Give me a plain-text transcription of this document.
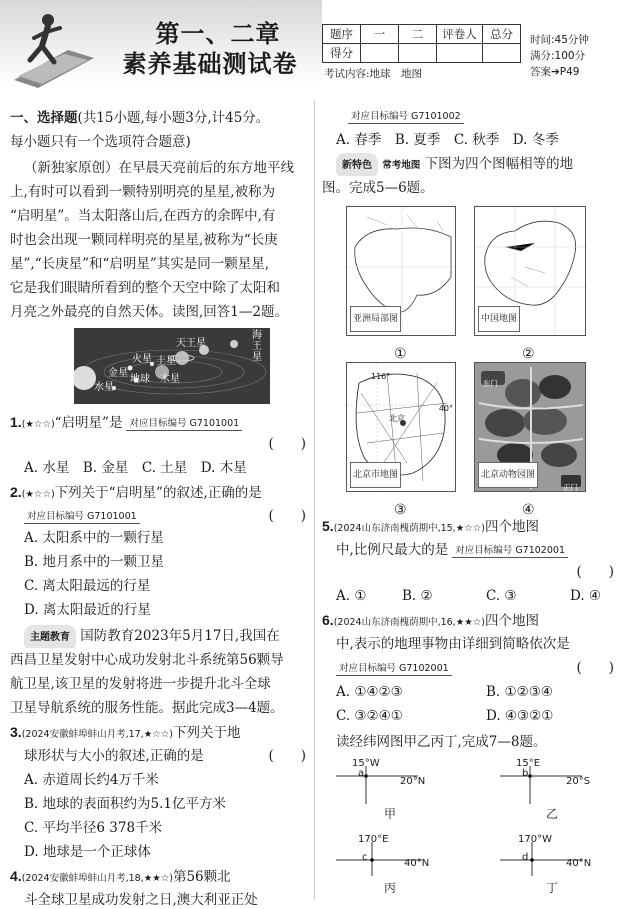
第一、二章
素养基础测试卷
题序	一	二	评卷人	总分
得分				
时间:45分钟
满分:100分
答案➔P49
考试内容:地球　地图
一、选择题(共15小题,每小题3分,计45分。
每小题只有一个选项符合题意)
（新独家原创）在早晨天亮前后的东方地平线
上,有时可以看到一颗特别明亮的星星,被称为
“启明星”。当太阳落山后,在西方的余晖中,有
时也会出现一颗同样明亮的星星,被称为“长庚
星”,“长庚星”和“启明星”其实是同一颗星星,
它是我们眼睛所看到的整个天空中除了太阳和
月亮之外最亮的自然天体。读图,回答1—2题。
天王星
海王星
火星 土星
金星
地球 木星
水星
1.(★☆☆)“启明星”是 对应目标编号 G7101001
(　　)
A. 水星　B. 金星　C. 土星　D. 木星
2.(★☆☆)下列关于“启明星”的叙述,正确的是
对应目标编号 G7101001	(　　)
A. 太阳系中的一颗行星
B. 地月系中的一颗卫星
C. 离太阳最远的行星
D. 离太阳最近的行星
主题教育 国防教育2023年5月17日,我国在
西昌卫星发射中心成功发射北斗系统第56颗导
航卫星,该卫星的发射将进一步提升北斗全球
卫星导航系统的服务性能。据此完成3—4题。
3.(2024安徽蚌埠蚌山月考,17,★☆☆)下列关于地
球形状与大小的叙述,正确的是	(　　)
A. 赤道周长约4万千米
B. 地球的表面积约为5.1亿平方米
C. 平均半径6 378千米
D. 地球是一个正球体
4.(2024安徽蚌埠蚌山月考,18,★★☆)第56颗北
斗全球卫星成功发射之日,澳大利亚正处
对应目标编号 G7101002
A. 春季　B. 夏季　C. 秋季　D. 冬季
新特色 常考地图 下图为四个图幅相等的地
图。完成5—6题。
亚洲局部图
①
中国地图
②
116°
40°
北京
北京市地图
③
东门
正门
北京动物园图
④
5.(2024山东济南槐荫期中,15,★☆☆)四个地图
中,比例尺最大的是 对应目标编号 G7102001
(　　)
A. ①	B. ②	C. ③	D. ④
6.(2024山东济南槐荫期中,16,★★☆)四个地图
中,表示的地理事物由详细到简略依次是
对应目标编号 G7102001	(　　)
A. ①④②③	B. ①②③④
C. ③②④①	D. ④③②①
读经纬网图甲乙丙丁,完成7—8题。
15°W
20°N
a
甲
15°E
20°S
b
乙
170°E
40°N
c
丙
170°W
40°N
d
丁
